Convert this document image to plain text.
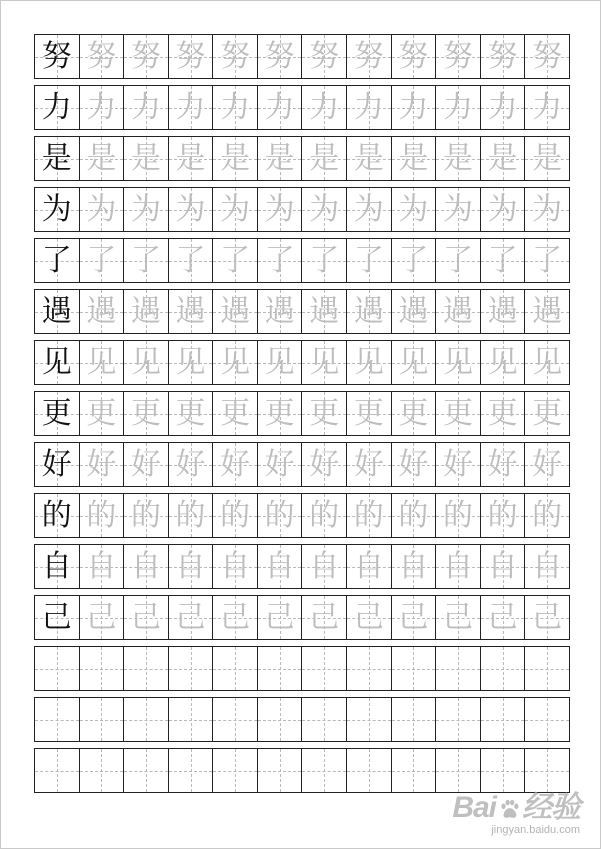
努 努 努 努 努 努 努 努 努 努 努 努
力 力 力 力 力 力 力 力 力 力 力 力
是 是 是 是 是 是 是 是 是 是 是 是
为 为 为 为 为 为 为 为 为 为 为 为
了 了 了 了 了 了 了 了 了 了 了 了
遇 遇 遇 遇 遇 遇 遇 遇 遇 遇 遇 遇
见 见 见 见 见 见 见 见 见 见 见 见
更 更 更 更 更 更 更 更 更 更 更 更
好 好 好 好 好 好 好 好 好 好 好 好
的 的 的 的 的 的 的 的 的 的 的 的
自 自 自 自 自 自 自 自 自 自 自 自
己 己 己 己 己 己 己 己 己 己 己 己
Bai 经验
jingyan.baidu.com
